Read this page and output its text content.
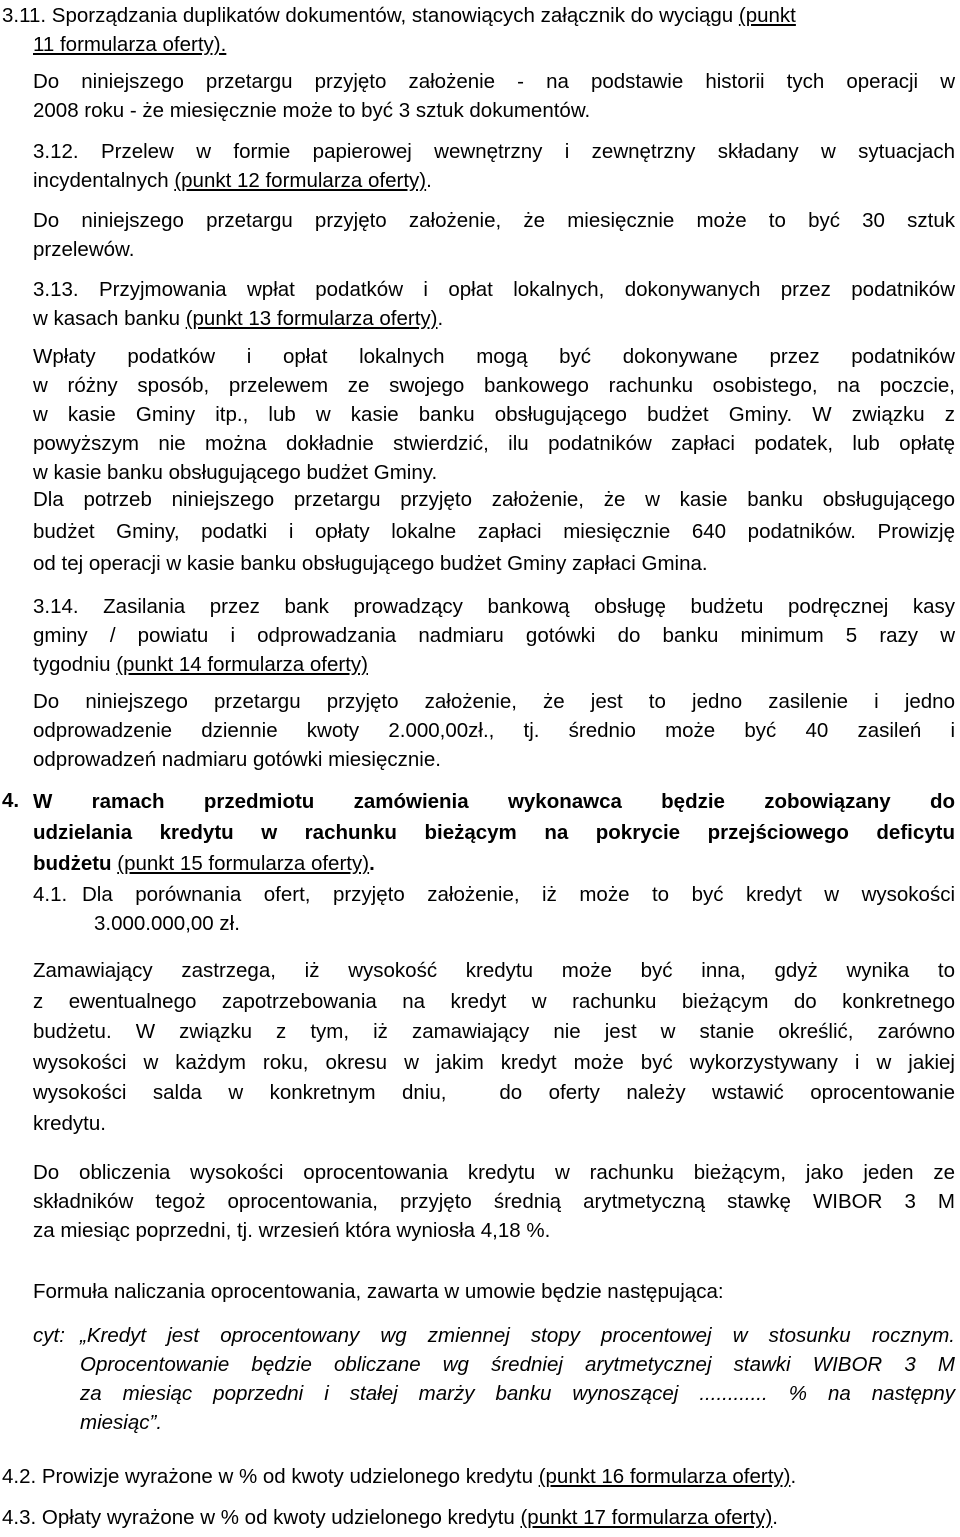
3.11. Sporządzania duplikatów dokumentów, stanowiących załącznik do wyciągu (punkt
11 formularza oferty).
Do niniejszego przetargu przyjęto założenie - na podstawie historii tych operacji w
2008 roku - że miesięcznie może to być 3 sztuk dokumentów.
3.12. Przelew w formie papierowej wewnętrzny i zewnętrzny składany w sytuacjach
incydentalnych (punkt 12 formularza oferty).
Do niniejszego przetargu przyjęto założenie, że miesięcznie może to być 30 sztuk
przelewów.
3.13. Przyjmowania wpłat podatków i opłat lokalnych, dokonywanych przez podatników
w kasach banku (punkt 13 formularza oferty).
Wpłaty podatków i opłat lokalnych mogą być dokonywane przez podatników
w różny sposób, przelewem ze swojego bankowego rachunku osobistego, na poczcie,
w kasie Gminy itp., lub w kasie banku obsługującego budżet Gminy. W związku z
powyższym nie można dokładnie stwierdzić, ilu podatników zapłaci podatek, lub opłatę
w kasie banku obsługującego budżet Gminy.
Dla potrzeb niniejszego przetargu przyjęto założenie, że w kasie banku obsługującego
budżet Gminy, podatki i opłaty lokalne zapłaci miesięcznie 640 podatników. Prowizję
od tej operacji w kasie banku obsługującego budżet Gminy zapłaci Gmina.
3.14. Zasilania przez bank prowadzący bankową obsługę budżetu podręcznej kasy
gminy / powiatu i odprowadzania nadmiaru gotówki do banku minimum 5 razy w
tygodniu (punkt 14 formularza oferty)
Do niniejszego przetargu przyjęto założenie, że jest to jedno zasilenie i jedno
odprowadzenie dziennie kwoty 2.000,00zł., tj. średnio może być 40 zasileń i
odprowadzeń nadmiaru gotówki miesięcznie.
4. W ramach przedmiotu zamówienia wykonawca będzie zobowiązany do
udzielania kredytu w rachunku bieżącym na pokrycie przejściowego deficytu
budżetu (punkt 15 formularza oferty).
4.1. Dla porównania ofert, przyjęto założenie, iż może to być kredyt w wysokości
3.000.000,00 zł.
Zamawiający zastrzega, iż wysokość kredytu może być inna, gdyż wynika to
z ewentualnego zapotrzebowania na kredyt w rachunku bieżącym do konkretnego
budżetu. W związku z tym, iż zamawiający nie jest w stanie określić, zarówno
wysokości w każdym roku, okresu w jakim kredyt może być wykorzystywany i w jakiej
wysokości salda w konkretnym dniu,  do oferty należy wstawić oprocentowanie
kredytu.
Do obliczenia wysokości oprocentowania kredytu w rachunku bieżącym, jako jeden ze
składników tegoż oprocentowania, przyjęto średnią arytmetyczną stawkę WIBOR 3 M
za miesiąc poprzedni, tj. wrzesień która wyniosła 4,18 %.
Formuła naliczania oprocentowania, zawarta w umowie będzie następująca:
cyt: „Kredyt jest oprocentowany wg zmiennej stopy procentowej w stosunku rocznym.
Oprocentowanie będzie obliczane wg średniej arytmetycznej stawki WIBOR 3 M
za miesiąc poprzedni i stałej marży banku wynoszącej ............ % na następny
miesiąc”.
4.2. Prowizje wyrażone w % od kwoty udzielonego kredytu (punkt 16 formularza oferty).
4.3. Opłaty wyrażone w % od kwoty udzielonego kredytu (punkt 17 formularza oferty).
